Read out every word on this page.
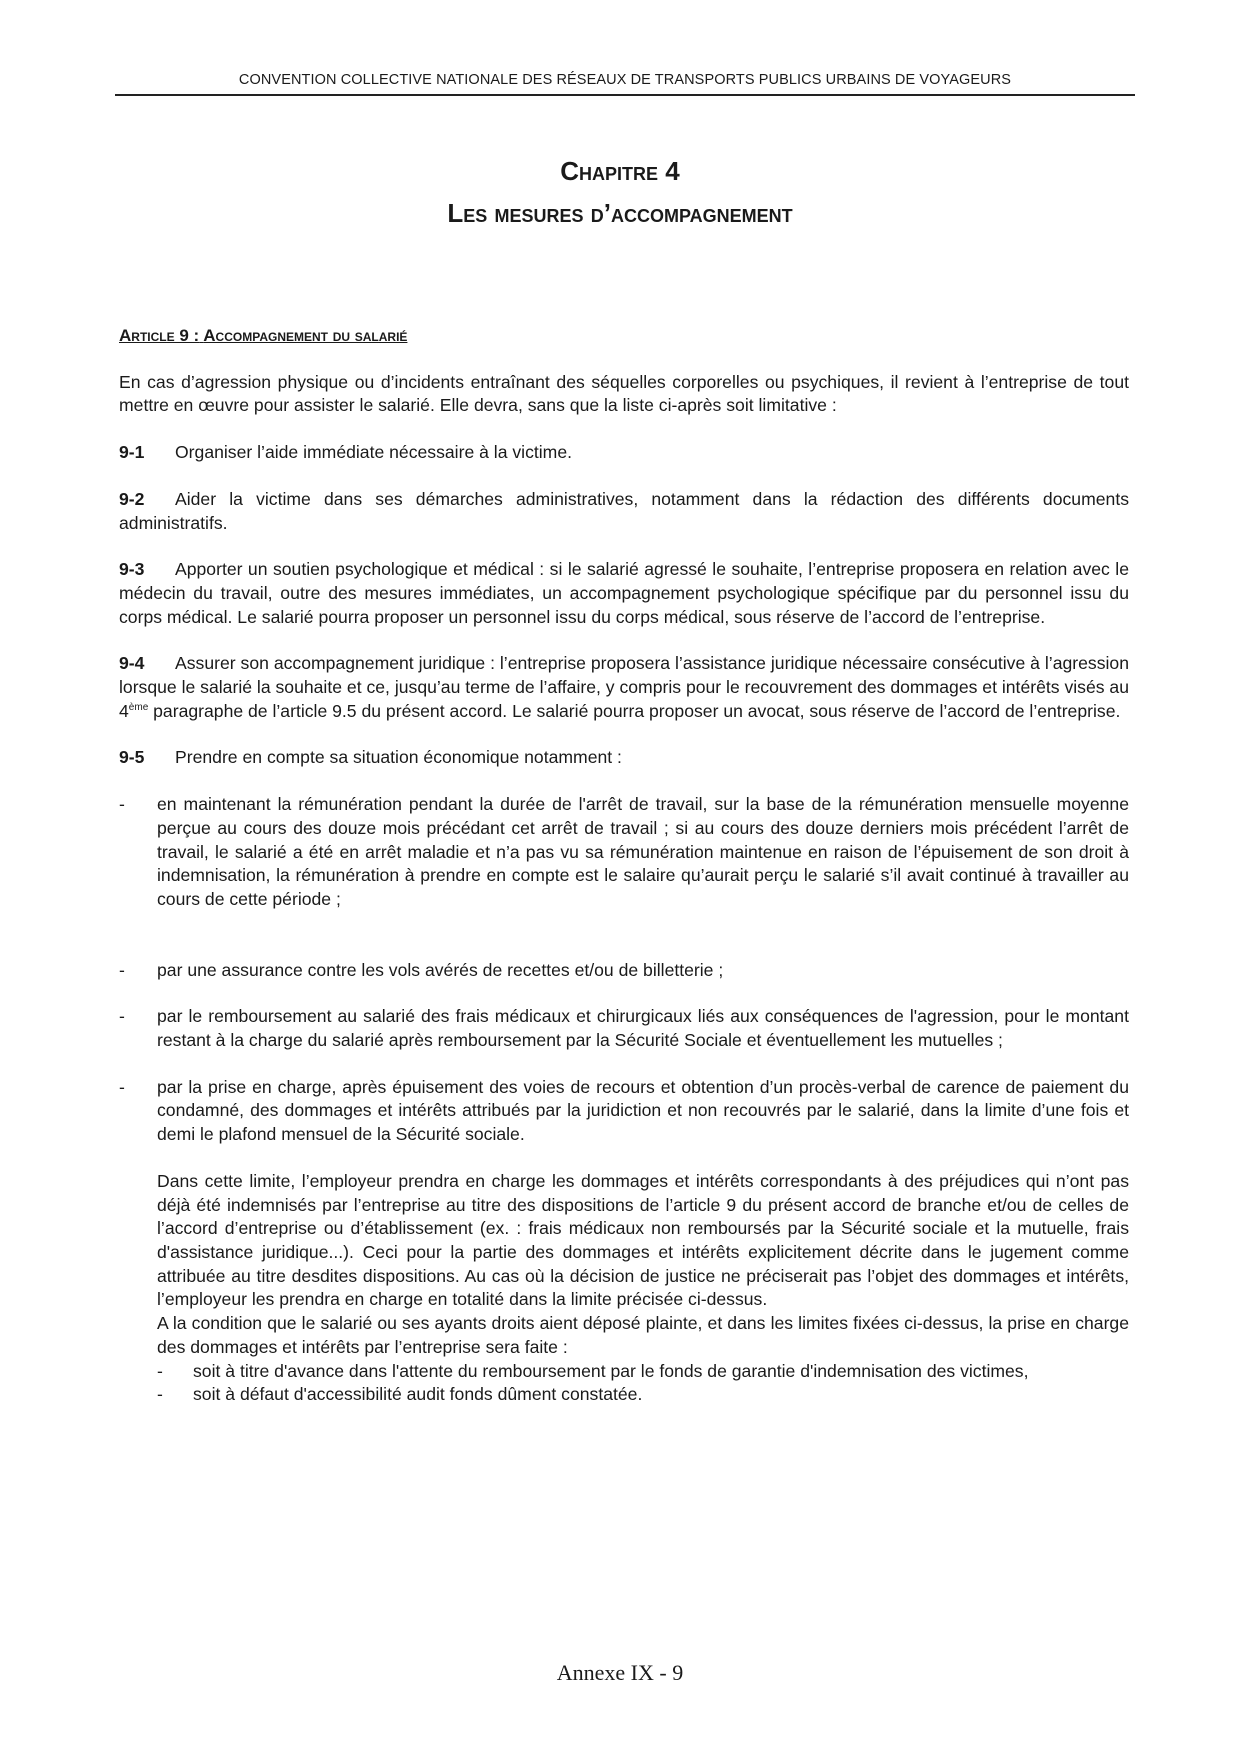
CONVENTION COLLECTIVE NATIONALE DES RÉSEAUX DE TRANSPORTS PUBLICS URBAINS DE VOYAGEURS
Chapitre 4
Les mesures d’accompagnement
Article 9 : Accompagnement du salarié

En cas d’agression physique ou d’incidents entraînant des séquelles corporelles ou psychiques, il revient à l’entreprise de tout mettre en œuvre pour assister le salarié. Elle devra, sans que la liste ci-après soit limitative :

9-1 Organiser l’aide immédiate nécessaire à la victime.

9-2 Aider la victime dans ses démarches administratives, notamment dans la rédaction des différents documents administratifs.

9-3 Apporter un soutien psychologique et médical : si le salarié agressé le souhaite, l’entreprise proposera en relation avec le médecin du travail, outre des mesures immédiates, un accompagnement psychologique spécifique par du personnel issu du corps médical. Le salarié pourra proposer un personnel issu du corps médical, sous réserve de l’accord de l’entreprise.

9-4 Assurer son accompagnement juridique : l’entreprise proposera l’assistance juridique nécessaire consécutive à l’agression lorsque le salarié la souhaite et ce, jusqu’au terme de l’affaire, y compris pour le recouvrement des dommages et intérêts visés au 4ème paragraphe de l’article 9.5 du présent accord. Le salarié pourra proposer un avocat, sous réserve de l’accord de l’entreprise.

9-5 Prendre en compte sa situation économique notamment :

- en maintenant la rémunération pendant la durée de l'arrêt de travail, sur la base de la rémunération mensuelle moyenne perçue au cours des douze mois précédant cet arrêt de travail ; si au cours des douze derniers mois précédent l’arrêt de travail, le salarié a été en arrêt maladie et n’a pas vu sa rémunération maintenue en raison de l’épuisement de son droit à indemnisation, la rémunération à prendre en compte est le salaire qu’aurait perçu le salarié s’il avait continué à travailler au cours de cette période ;
- par une assurance contre les vols avérés de recettes et/ou de billetterie ;
- par le remboursement au salarié des frais médicaux et chirurgicaux liés aux conséquences de l'agression, pour le montant restant à la charge du salarié après remboursement par la Sécurité Sociale et éventuellement les mutuelles ;
- par la prise en charge, après épuisement des voies de recours et obtention d’un procès-verbal de carence de paiement du condamné, des dommages et intérêts attribués par la juridiction et non recouvrés par le salarié, dans la limite d’une fois et demi le plafond mensuel de la Sécurité sociale.

Dans cette limite, l’employeur prendra en charge les dommages et intérêts correspondants à des préjudices qui n’ont pas déjà été indemnisés par l’entreprise au titre des dispositions de l’article 9 du présent accord de branche et/ou de celles de l’accord d’entreprise ou d’établissement (ex. : frais médicaux non remboursés par la Sécurité sociale et la mutuelle, frais d'assistance juridique...). Ceci pour la partie des dommages et intérêts explicitement décrite dans le jugement comme attribuée au titre desdites dispositions. Au cas où la décision de justice ne préciserait pas l’objet des dommages et intérêts, l’employeur les prendra en charge en totalité dans la limite précisée ci-dessus.

A la condition que le salarié ou ses ayants droits aient déposé plainte, et dans les limites fixées ci-dessus, la prise en charge des dommages et intérêts par l’entreprise sera faite :

- soit à titre d'avance dans l'attente du remboursement par le fonds de garantie d'indemnisation des victimes,
- soit à défaut d'accessibilité audit fonds dûment constatée.
Annexe IX - 9
